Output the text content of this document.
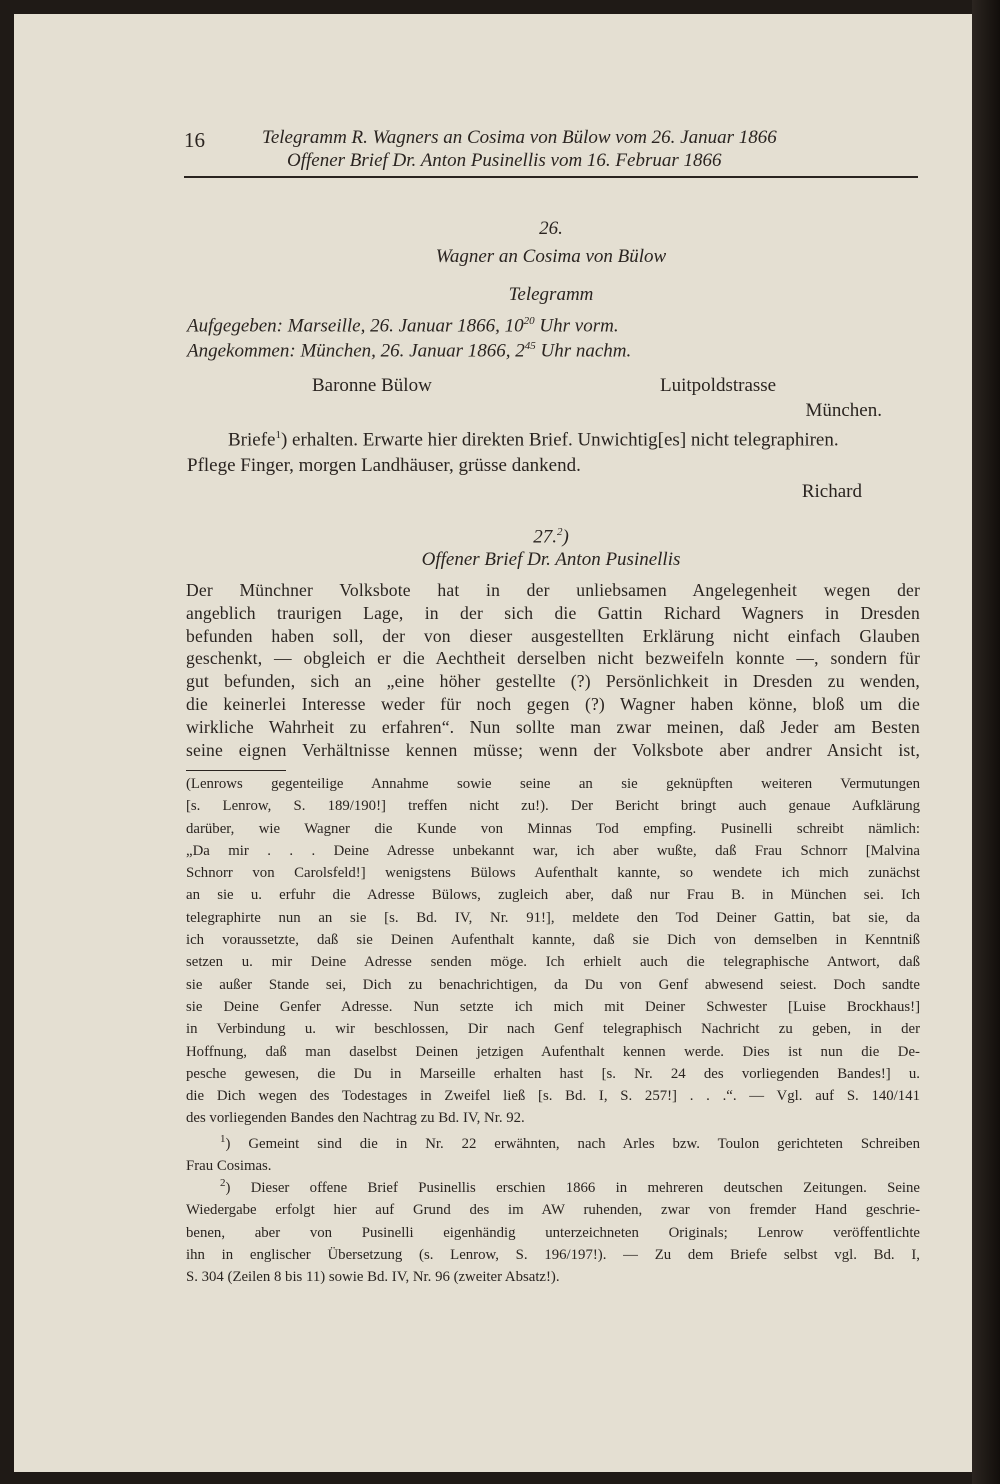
16	Telegramm R. Wagners an Cosima von Bülow vom 26. Januar 1866

Offener Brief Dr. Anton Pusinellis vom 16. Februar 1866

26.

Wagner an Cosima von Bülow

Telegramm

Aufgegeben: Marseille, 26. Januar 1866, $10^{20}$ Uhr vorm.

Angekommen: München, 26. Januar 1866, $2^{45}$ Uhr nachm.

Baronne Bülow	Luitpoldstrasse

München.

Briefe$^1$) erhalten. Erwarte hier direkten Brief. Unwichtig[es] nicht telegraphiren.

Pflege Finger, morgen Landhäuser, grüsse dankend.

Richard

27.$^2$)

Offener Brief Dr. Anton Pusinellis

Der Münchner Volksbote hat in der unliebsamen Angelegenheit wegen der
angeblich traurigen Lage, in der sich die Gattin Richard Wagners in Dresden
befunden haben soll, der von dieser ausgestellten Erklärung nicht einfach Glauben
geschenkt, — obgleich er die Aechtheit derselben nicht bezweifeln konnte —, sondern für
gut befunden, sich an „eine höher gestellte (?) Persönlichkeit in Dresden zu wenden,
die keinerlei Interesse weder für noch gegen (?) Wagner haben könne, bloß um die
wirkliche Wahrheit zu erfahren“. Nun sollte man zwar meinen, daß Jeder am Besten
seine eignen Verhältnisse kennen müsse; wenn der Volksbote aber andrer Ansicht ist,
(Lenrows gegenteilige Annahme sowie seine an sie geknüpften weiteren Vermutungen
[s. Lenrow, S. 189/190!] treffen nicht zu!). Der Bericht bringt auch genaue Aufklärung
darüber, wie Wagner die Kunde von Minnas Tod empfing. Pusinelli schreibt nämlich:
„Da mir . . . Deine Adresse unbekannt war, ich aber wußte, daß Frau Schnorr [Malvina
Schnorr von Carolsfeld!] wenigstens Bülows Aufenthalt kannte, so wendete ich mich zunächst
an sie u. erfuhr die Adresse Bülows, zugleich aber, daß nur Frau B. in München sei. Ich
telegraphirte nun an sie [s. Bd. IV, Nr. 91!], meldete den Tod Deiner Gattin, bat sie, da
ich voraussetzte, daß sie Deinen Aufenthalt kannte, daß sie Dich von demselben in Kenntniß
setzen u. mir Deine Adresse senden möge. Ich erhielt auch die telegraphische Antwort, daß
sie außer Stande sei, Dich zu benachrichtigen, da Du von Genf abwesend seiest. Doch sandte
sie Deine Genfer Adresse. Nun setzte ich mich mit Deiner Schwester [Luise Brockhaus!]
in Verbindung u. wir beschlossen, Dir nach Genf telegraphisch Nachricht zu geben, in der
Hoffnung, daß man daselbst Deinen jetzigen Aufenthalt kennen werde. Dies ist nun die De-
pesche gewesen, die Du in Marseille erhalten hast [s. Nr. 24 des vorliegenden Bandes!] u.
die Dich wegen des Todestages in Zweifel ließ [s. Bd. I, S. 257!] . . .“. — Vgl. auf S. 140/141
des vorliegenden Bandes den Nachtrag zu Bd. IV, Nr. 92.
$^1$) Gemeint sind die in Nr. 22 erwähnten, nach Arles bzw. Toulon gerichteten Schreiben
Frau Cosimas.
$^2$) Dieser offene Brief Pusinellis erschien 1866 in mehreren deutschen Zeitungen. Seine
Wiedergabe erfolgt hier auf Grund des im AW ruhenden, zwar von fremder Hand geschrie-
benen, aber von Pusinelli eigenhändig unterzeichneten Originals; Lenrow veröffentlichte
ihn in englischer Übersetzung (s. Lenrow, S. 196/197!). — Zu dem Briefe selbst vgl. Bd. I,
S. 304 (Zeilen 8 bis 11) sowie Bd. IV, Nr. 96 (zweiter Absatz!).
